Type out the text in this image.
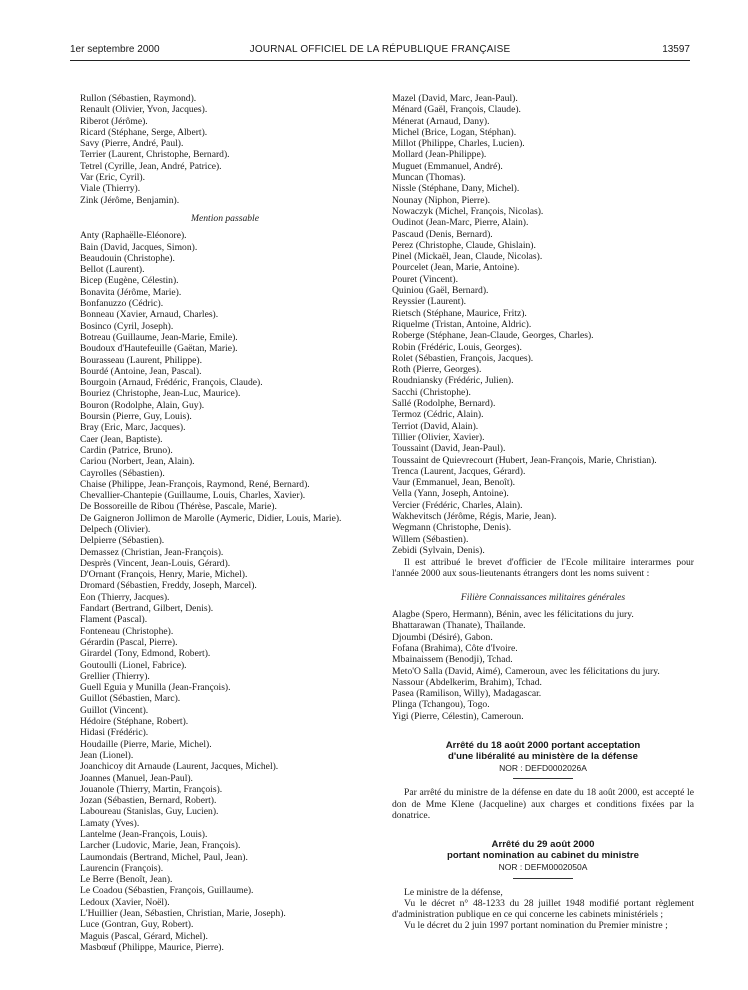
1er septembre 2000	JOURNAL OFFICIEL DE LA RÉPUBLIQUE FRANÇAISE	13597
Rullon (Sébastien, Raymond).
Renault (Olivier, Yvon, Jacques).
Riberot (Jérôme).
Ricard (Stéphane, Serge, Albert).
Savy (Pierre, André, Paul).
Terrier (Laurent, Christophe, Bernard).
Tetrel (Cyrille, Jean, André, Patrice).
Var (Eric, Cyril).
Viale (Thierry).
Zink (Jérôme, Benjamin).
Mention passable
Anty (Raphaëlle-Eléonore).
Bain (David, Jacques, Simon).
Beaudouin (Christophe).
Bellot (Laurent).
Bicep (Eugène, Célestin).
Bonavita (Jérôme, Marie).
Bonfanuzzo (Cédric).
Bonneau (Xavier, Arnaud, Charles).
Bosinco (Cyril, Joseph).
Botreau (Guillaume, Jean-Marie, Emile).
Boudoux d'Hautefeuille (Gaëtan, Marie).
Bourasseau (Laurent, Philippe).
Bourdé (Antoine, Jean, Pascal).
Bourgoin (Arnaud, Frédéric, François, Claude).
Bouriez (Christophe, Jean-Luc, Maurice).
Bouron (Rodolphe, Alain, Guy).
Boursin (Pierre, Guy, Louis).
Bray (Eric, Marc, Jacques).
Caer (Jean, Baptiste).
Cardin (Patrice, Bruno).
Cariou (Norbert, Jean, Alain).
Cayrolles (Sébastien).
Chaise (Philippe, Jean-François, Raymond, René, Bernard).
Chevallier-Chantepie (Guillaume, Louis, Charles, Xavier).
De Bossoreille de Ribou (Thérèse, Pascale, Marie).
De Gaigneron Jollimon de Marolle (Aymeric, Didier, Louis, Marie).
Delpech (Olivier).
Delpierre (Sébastien).
Demassez (Christian, Jean-François).
Desprès (Vincent, Jean-Louis, Gérard).
D'Ornant (François, Henry, Marie, Michel).
Dromard (Sébastien, Freddy, Joseph, Marcel).
Eon (Thierry, Jacques).
Fandart (Bertrand, Gilbert, Denis).
Flament (Pascal).
Fonteneau (Christophe).
Gérardin (Pascal, Pierre).
Girardel (Tony, Edmond, Robert).
Goutoulli (Lionel, Fabrice).
Grellier (Thierry).
Guell Eguia y Munilla (Jean-François).
Guillot (Sébastien, Marc).
Guillot (Vincent).
Hédoire (Stéphane, Robert).
Hidasi (Frédéric).
Houdaille (Pierre, Marie, Michel).
Jean (Lionel).
Joanchicoy dit Arnaude (Laurent, Jacques, Michel).
Joannes (Manuel, Jean-Paul).
Jouanole (Thierry, Martin, François).
Jozan (Sébastien, Bernard, Robert).
Laboureau (Stanislas, Guy, Lucien).
Lamaty (Yves).
Lantelme (Jean-François, Louis).
Larcher (Ludovic, Marie, Jean, François).
Laumondais (Bertrand, Michel, Paul, Jean).
Laurencin (François).
Le Berre (Benoît, Jean).
Le Coadou (Sébastien, François, Guillaume).
Ledoux (Xavier, Noël).
L'Huillier (Jean, Sébastien, Christian, Marie, Joseph).
Luce (Gontran, Guy, Robert).
Maguis (Pascal, Gérard, Michel).
Masbœuf (Philippe, Maurice, Pierre).
Mazel (David, Marc, Jean-Paul).
Ménard (Gaël, François, Claude).
Ménerat (Arnaud, Dany).
Michel (Brice, Logan, Stéphan).
Millot (Philippe, Charles, Lucien).
Mollard (Jean-Philippe).
Muguet (Emmanuel, André).
Muncan (Thomas).
Nissle (Stéphane, Dany, Michel).
Nounay (Niphon, Pierre).
Nowaczyk (Michel, François, Nicolas).
Oudinot (Jean-Marc, Pierre, Alain).
Pascaud (Denis, Bernard).
Perez (Christophe, Claude, Ghislain).
Pinel (Mickaël, Jean, Claude, Nicolas).
Pourcelet (Jean, Marie, Antoine).
Pouret (Vincent).
Quiniou (Gaël, Bernard).
Reyssier (Laurent).
Rietsch (Stéphane, Maurice, Fritz).
Riquelme (Tristan, Antoine, Aldric).
Roberge (Stéphane, Jean-Claude, Georges, Charles).
Robin (Frédéric, Louis, Georges).
Rolet (Sébastien, François, Jacques).
Roth (Pierre, Georges).
Roudniansky (Frédéric, Julien).
Sacchi (Christophe).
Sallé (Rodolphe, Bernard).
Termoz (Cédric, Alain).
Terriot (David, Alain).
Tillier (Olivier, Xavier).
Toussaint (David, Jean-Paul).
Toussaint de Quievrecourt (Hubert, Jean-François, Marie, Christian).
Trenca (Laurent, Jacques, Gérard).
Vaur (Emmanuel, Jean, Benoît).
Vella (Yann, Joseph, Antoine).
Vercier (Frédéric, Charles, Alain).
Wakhevitsch (Jérôme, Régis, Marie, Jean).
Wegmann (Christophe, Denis).
Willem (Sébastien).
Zebidi (Sylvain, Denis).
Il est attribué le brevet d'officier de l'Ecole militaire interarmes pour l'année 2000 aux sous-lieutenants étrangers dont les noms suivent :
Filière Connaissances militaires générales
Alagbe (Spero, Hermann), Bénin, avec les félicitations du jury.
Bhattarawan (Thanate), Thaïlande.
Djoumbi (Désiré), Gabon.
Fofana (Brahima), Côte d'Ivoire.
Mbainaissem (Benodji), Tchad.
Meto'O Salla (David, Aimé), Cameroun, avec les félicitations du jury.
Nassour (Abdelkerim, Brahim), Tchad.
Pasea (Ramilison, Willy), Madagascar.
Plinga (Tchangou), Togo.
Yigi (Pierre, Célestin), Cameroun.
Arrêté du 18 août 2000 portant acceptation
d'une libéralité au ministère de la défense
NOR : DEFD0002026A
Par arrêté du ministre de la défense en date du 18 août 2000, est accepté le don de Mme Klene (Jacqueline) aux charges et conditions fixées par la donatrice.
Arrêté du 29 août 2000
portant nomination au cabinet du ministre
NOR : DEFM0002050A
Le ministre de la défense,
Vu le décret n° 48-1233 du 28 juillet 1948 modifié portant règlement d'administration publique en ce qui concerne les cabinets ministériels ;
Vu le décret du 2 juin 1997 portant nomination du Premier ministre ;
